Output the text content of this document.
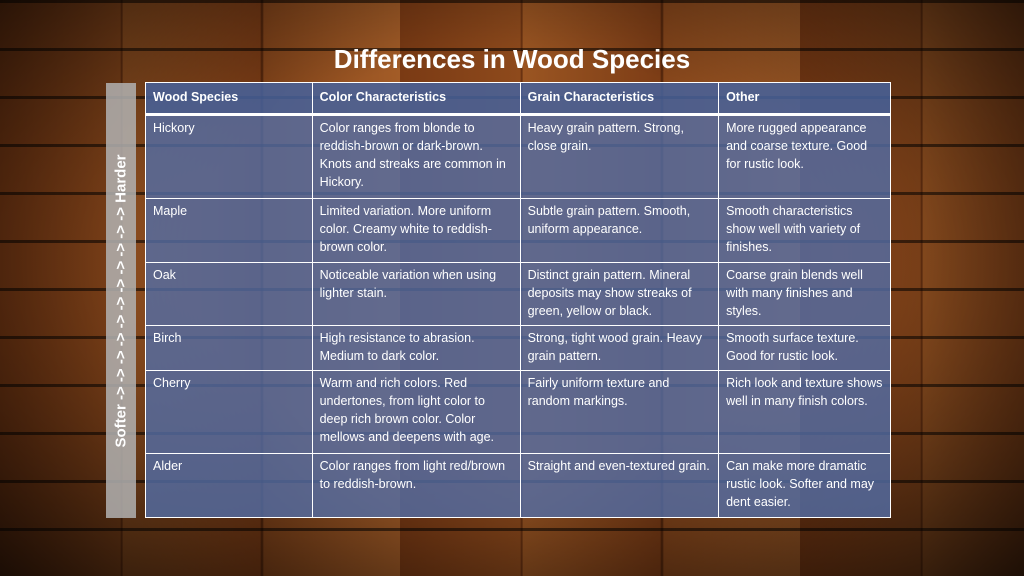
Differences in Wood Species
Softer -> -> -> -> -> -> -> -> -> -> -> Harder
Wood Species	Color Characteristics	Grain Characteristics	Other
Hickory	Color ranges from blonde to reddish-brown or dark-brown. Knots and streaks are common in Hickory.	Heavy grain pattern. Strong, close grain.	More rugged appearance and coarse texture. Good for rustic look.
Maple	Limited variation. More uniform color. Creamy white to reddish-brown color.	Subtle grain pattern. Smooth, uniform appearance.	Smooth characteristics show well with variety of finishes.
Oak	Noticeable variation when using lighter stain.	Distinct grain pattern. Mineral deposits may show streaks of green, yellow or black.	Coarse grain blends well with many finishes and styles.
Birch	High resistance to abrasion. Medium to dark color.	Strong, tight wood grain. Heavy grain pattern.	Smooth surface texture. Good for rustic look.
Cherry	Warm and rich colors. Red undertones, from light color to deep rich brown color. Color mellows and deepens with age.	Fairly uniform texture and random markings.	Rich look and texture shows well in many finish colors.
Alder	Color ranges from light red/brown to reddish-brown.	Straight and even-textured grain.	Can make more dramatic rustic look. Softer and may dent easier.
